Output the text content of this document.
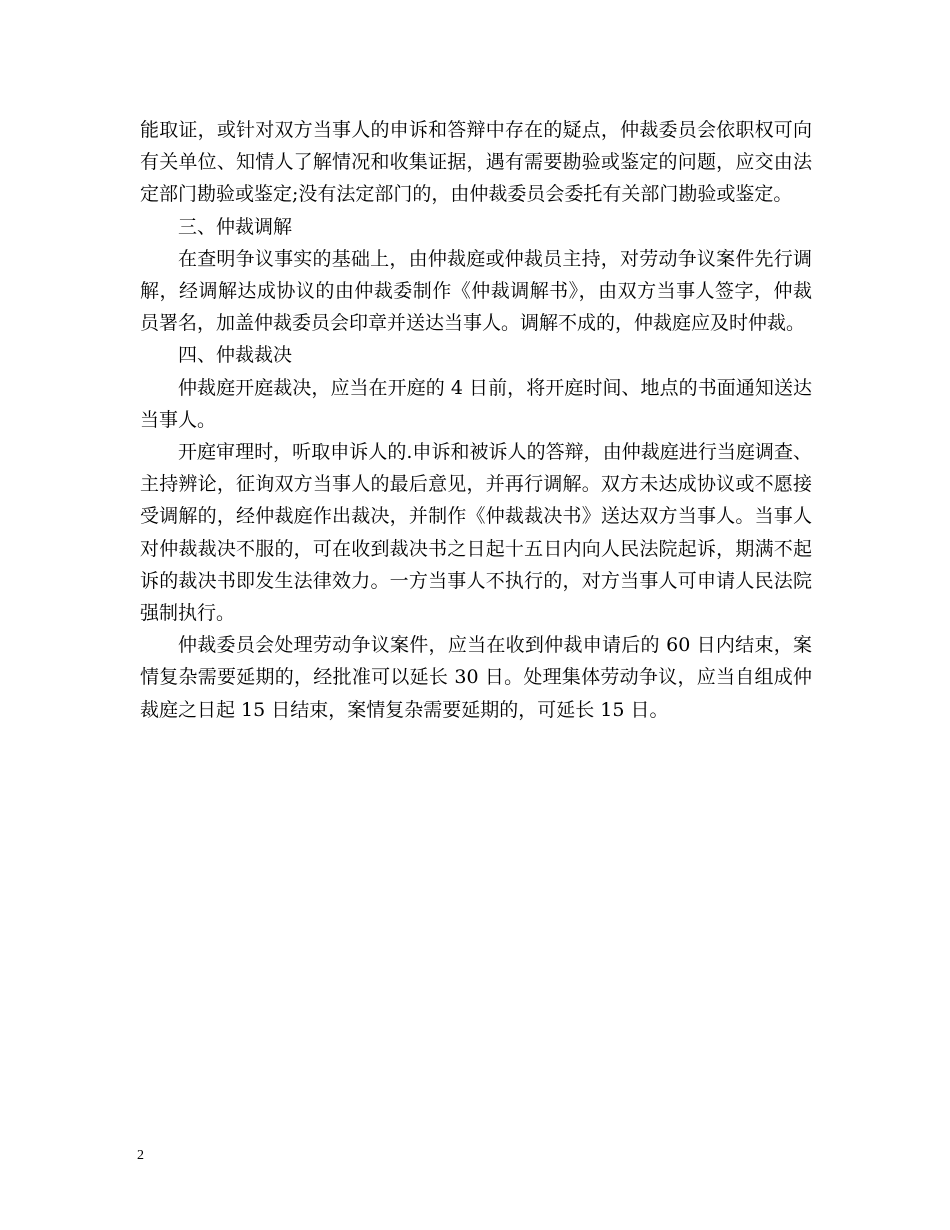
能取证，或针对双方当事人的申诉和答辩中存在的疑点，仲裁委员会依职权可向有关单位、知情人了解情况和收集证据，遇有需要勘验或鉴定的问题，应交由法定部门勘验或鉴定;没有法定部门的，由仲裁委员会委托有关部门勘验或鉴定。

三、仲裁调解

在查明争议事实的基础上，由仲裁庭或仲裁员主持，对劳动争议案件先行调解，经调解达成协议的由仲裁委制作《仲裁调解书》，由双方当事人签字，仲裁员署名，加盖仲裁委员会印章并送达当事人。调解不成的，仲裁庭应及时仲裁。

四、仲裁裁决

仲裁庭开庭裁决，应当在开庭的 4 日前，将开庭时间、地点的书面通知送达当事人。

开庭审理时，听取申诉人的.申诉和被诉人的答辩，由仲裁庭进行当庭调查、主持辨论，征询双方当事人的最后意见，并再行调解。双方未达成协议或不愿接受调解的，经仲裁庭作出裁决，并制作《仲裁裁决书》送达双方当事人。当事人对仲裁裁决不服的，可在收到裁决书之日起十五日内向人民法院起诉，期满不起诉的裁决书即发生法律效力。一方当事人不执行的，对方当事人可申请人民法院强制执行。

仲裁委员会处理劳动争议案件，应当在收到仲裁申请后的 60 日内结束，案情复杂需要延期的，经批准可以延长 30 日。处理集体劳动争议，应当自组成仲裁庭之日起 15 日结束，案情复杂需要延期的，可延长 15 日。

2
